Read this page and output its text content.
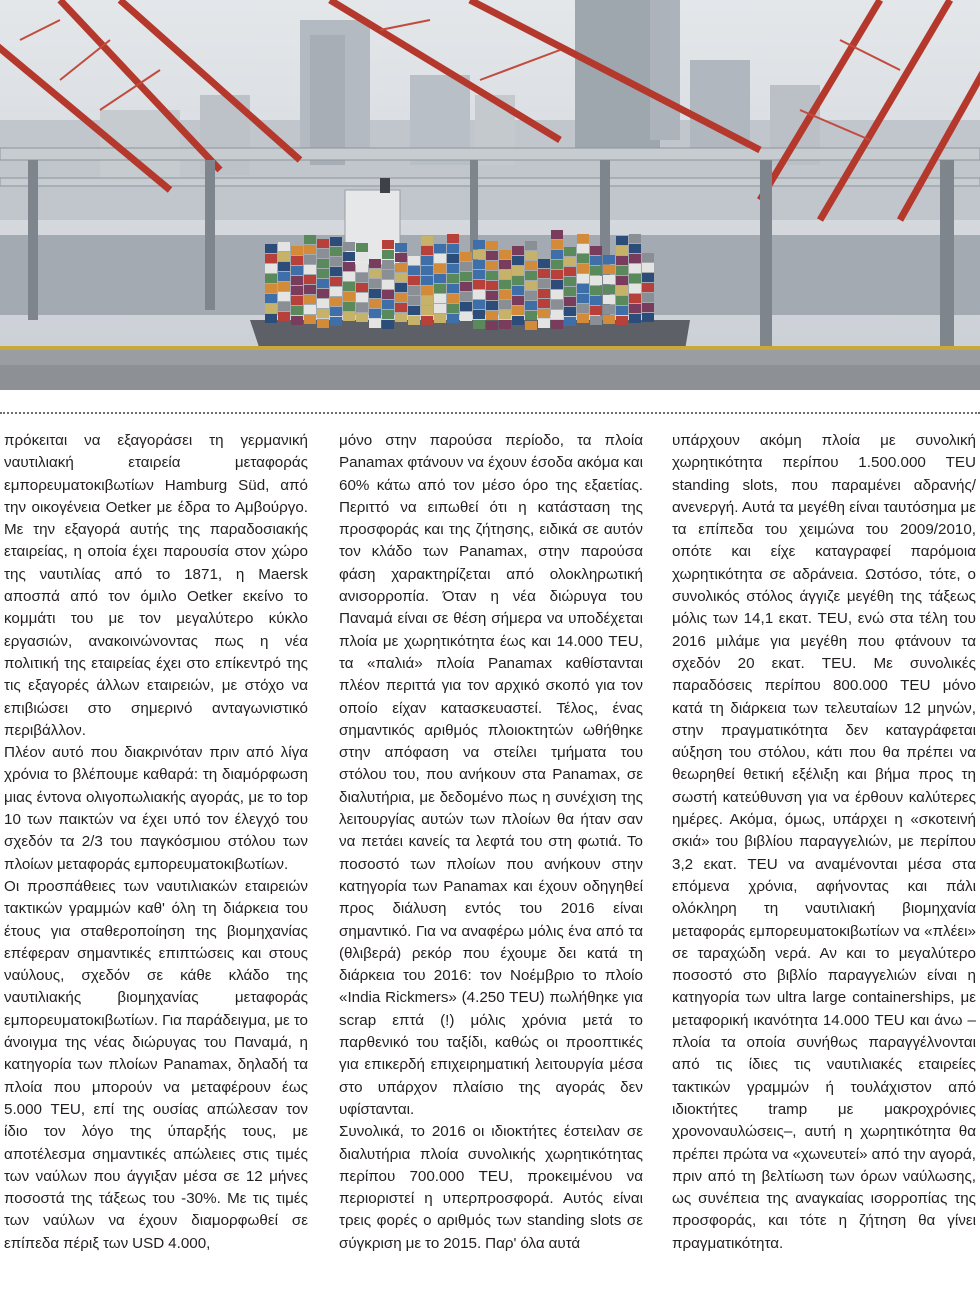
πρόκειται να εξαγοράσει τη γερμανική ναυτιλιακή εταιρεία μεταφοράς εμπορευματοκιβωτίων Hamburg Süd, από την οικογένεια Oetker με έδρα το Αμβούργο. Με την εξαγορά αυτής της παραδοσιακής εταιρείας, η οποία έχει παρουσία στον χώρο της ναυτιλίας από το 1871, η Maersk αποσπά από τον όμιλο Oetker εκείνο το κομμάτι του με τον μεγαλύτερο κύκλο εργασιών, ανακοινώνοντας πως η νέα πολιτική της εταιρείας έχει στο επίκεντρό της τις εξαγορές άλλων εταιρειών, με στόχο να επιβιώσει στο σημερινό ανταγωνιστικό περιβάλλον.

Πλέον αυτό που διακρινόταν πριν από λίγα χρόνια το βλέπουμε καθαρά: τη διαμόρφωση μιας έντονα ολιγοπωλιακής αγοράς, με το top 10 των παικτών να έχει υπό τον έλεγχό του σχεδόν τα 2/3 του παγκόσμιου στόλου των πλοίων μεταφοράς εμπορευματοκιβωτίων.

Οι προσπάθειες των ναυτιλιακών εταιρειών τακτικών γραμμών καθ' όλη τη διάρκεια του έτους για σταθεροποίηση της βιομηχανίας επέφεραν σημαντικές επιπτώσεις και στους ναύλους, σχεδόν σε κάθε κλάδο της ναυτιλιακής βιομηχανίας μεταφοράς εμπορευματοκιβωτίων. Για παράδειγμα, με το άνοιγμα της νέας διώρυγας του Παναμά, η κατηγορία των πλοίων Panamax, δηλαδή τα πλοία που μπορούν να μεταφέρουν έως 5.000 TEU, επί της ουσίας απώλεσαν τον ίδιο τον λόγο της ύπαρξής τους, με αποτέλεσμα σημαντικές απώλειες στις τιμές των ναύλων που άγγιξαν μέσα σε 12 μήνες ποσοστά της τάξεως του -30%. Με τις τιμές των ναύλων να έχουν διαμορφωθεί σε επίπεδα πέριξ των USD 4.000,

μόνο στην παρούσα περίοδο, τα πλοία Panamax φτάνουν να έχουν έσοδα ακόμα και 60% κάτω από τον μέσο όρο της εξαετίας. Περιττό να ειπωθεί ότι η κατάσταση της προσφοράς και της ζήτησης, ειδικά σε αυτόν τον κλάδο των Panamax, στην παρούσα φάση χαρακτηρίζεται από ολοκληρωτική ανισορροπία. Όταν η νέα διώρυγα του Παναμά είναι σε θέση σήμερα να υποδέχεται πλοία με χωρητικότητα έως και 14.000 TEU, τα «παλιά» πλοία Panamax καθίστανται πλέον περιττά για τον αρχικό σκοπό για τον οποίο είχαν κατασκευαστεί. Τέλος, ένας σημαντικός αριθμός πλοιοκτητών ωθήθηκε στην απόφαση να στείλει τμήματα του στόλου του, που ανήκουν στα Panamax, σε διαλυτήρια, με δεδομένο πως η συνέχιση της λειτουργίας αυτών των πλοίων θα ήταν σαν να πετάει κανείς τα λεφτά του στη φωτιά. Το ποσοστό των πλοίων που ανήκουν στην κατηγορία των Panamax και έχουν οδηγηθεί προς διάλυση εντός του 2016 είναι σημαντικό. Για να αναφέρω μόλις ένα από τα (θλιβερά) ρεκόρ που έχουμε δει κατά τη διάρκεια του 2016: τον Νοέμβριο το πλοίο «India Rickmers» (4.250 TEU) πωλήθηκε για scrap επτά (!) μόλις χρόνια μετά το παρθενικό του ταξίδι, καθώς οι προοπτικές για επικερδή επιχειρηματική λειτουργία μέσα στο υπάρχον πλαίσιο της αγοράς δεν υφίστανται.

Συνολικά, το 2016 οι ιδιοκτήτες έστειλαν σε διαλυτήρια πλοία συνολικής χωρητικότητας περίπου 700.000 TEU, προκειμένου να περιοριστεί η υπερπροσφορά. Αυτός είναι τρεις φορές ο αριθμός των standing slots σε σύγκριση με το 2015. Παρ' όλα αυτά

υπάρχουν ακόμη πλοία με συνολική χωρητικότητα περίπου 1.500.000 TEU standing slots, που παραμένει αδρανής/ανενεργή. Αυτά τα μεγέθη είναι ταυτόσημα με τα επίπεδα του χειμώνα του 2009/2010, οπότε και είχε καταγραφεί παρόμοια χωρητικότητα σε αδράνεια. Ωστόσο, τότε, ο συνολικός στόλος άγγιζε μεγέθη της τάξεως μόλις των 14,1 εκατ. TEU, ενώ στα τέλη του 2016 μιλάμε για μεγέθη που φτάνουν τα σχεδόν 20 εκατ. TEU. Με συνολικές παραδόσεις περίπου 800.000 TEU μόνο κατά τη διάρκεια των τελευταίων 12 μηνών, στην πραγματικότητα δεν καταγράφεται αύξηση του στόλου, κάτι που θα πρέπει να θεωρηθεί θετική εξέλιξη και βήμα προς τη σωστή κατεύθυνση για να έρθουν καλύτερες ημέρες. Ακόμα, όμως, υπάρχει η «σκοτεινή σκιά» του βιβλίου παραγγελιών, με περίπου 3,2 εκατ. TEU να αναμένονται μέσα στα επόμενα χρόνια, αφήνοντας και πάλι ολόκληρη τη ναυτιλιακή βιομηχανία μεταφοράς εμπορευματοκιβωτίων να «πλέει» σε ταραχώδη νερά. Αν και το μεγαλύτερο ποσοστό στο βιβλίο παραγγελιών είναι η κατηγορία των ultra large containerships, με μεταφορική ικανότητα 14.000 TEU και άνω –πλοία τα οποία συνήθως παραγγέλνονται από τις ίδιες τις ναυτιλιακές εταιρείες τακτικών γραμμών ή τουλάχιστον από ιδιοκτήτες tramp με μακροχρόνιες χρονοναυλώσεις–, αυτή η χωρητικότητα θα πρέπει πρώτα να «χωνευτεί» από την αγορά, πριν από τη βελτίωση των όρων ναύλωσης, ως συνέπεια της αναγκαίας ισορροπίας της προσφοράς, και τότε η ζήτηση θα γίνει πραγματικότητα.
